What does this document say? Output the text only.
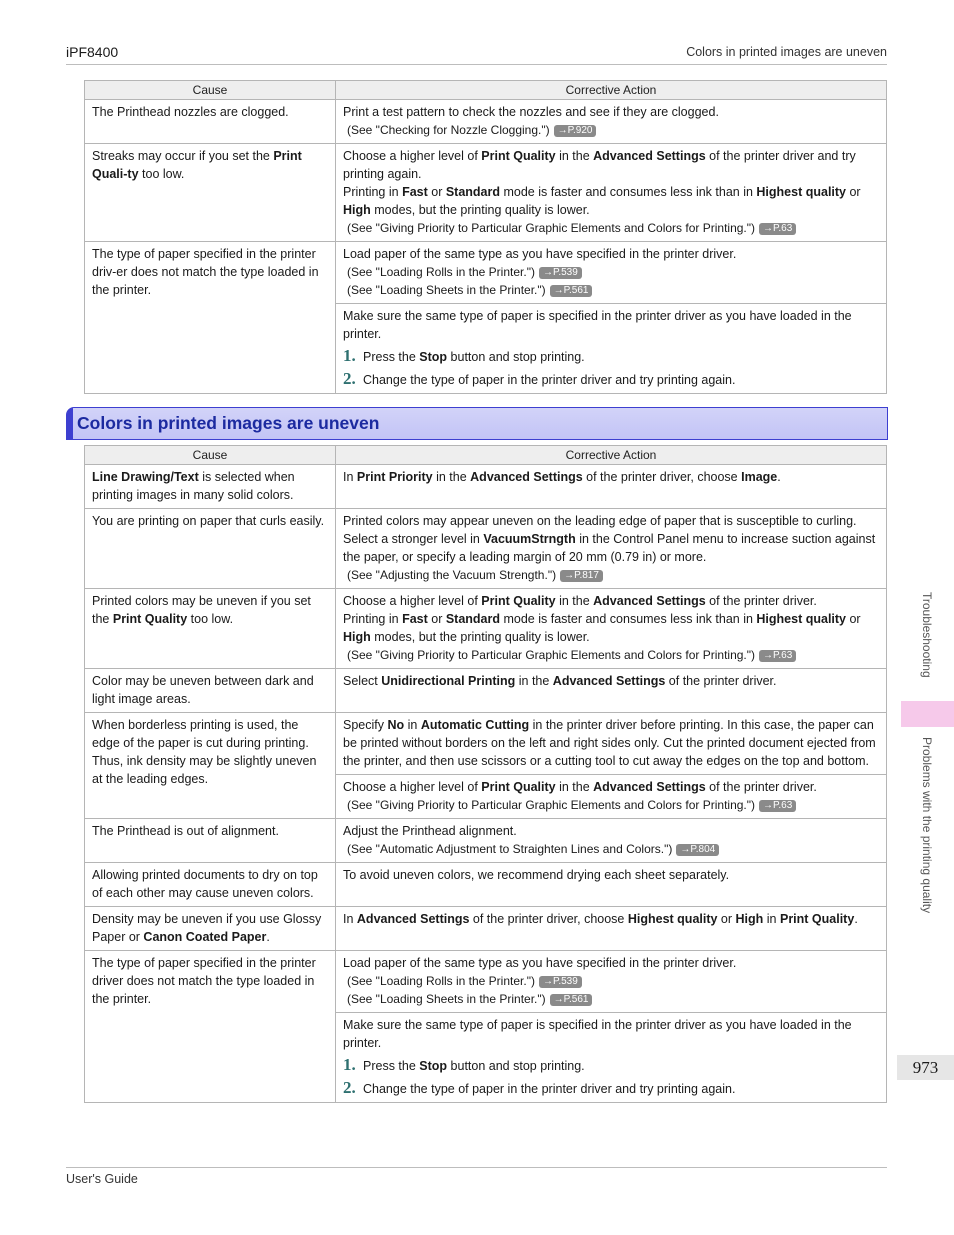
iPF8400	Colors in printed images are uneven
Cause	Corrective Action
The Printhead nozzles are clogged.	Print a test pattern to check the nozzles and see if they are clogged.
(See "Checking for Nozzle Clogging.") →P.920

Streaks may occur if you set the Print Quali-ty too low.	Choose a higher level of Print Quality in the Advanced Settings of the printer driver and try printing again.
Printing in Fast or Standard mode is faster and consumes less ink than in Highest quality or High modes, but the printing quality is lower.
(See "Giving Priority to Particular Graphic Elements and Colors for Printing.") →P.63

The type of paper specified in the printer driv-er does not match the type loaded in the printer.	Load paper of the same type as you have specified in the printer driver.
(See "Loading Rolls in the Printer.") →P.539
(See "Loading Sheets in the Printer.") →P.561

	Make sure the same type of paper is specified in the printer driver as you have loaded in the printer.
1. Press the Stop button and stop printing.
2. Change the type of paper in the printer driver and try printing again.
Colors in printed images are uneven
Cause	Corrective Action
Line Drawing/Text is selected when printing images in many solid colors.	In Print Priority in the Advanced Settings of the printer driver, choose Image.
You are printing on paper that curls easily.	Printed colors may appear uneven on the leading edge of paper that is susceptible to curling. Select a stronger level in VacuumStrngth in the Control Panel menu to increase suction against the paper, or specify a leading margin of 20 mm (0.79 in) or more.
(See "Adjusting the Vacuum Strength.") →P.817

Printed colors may be uneven if you set the Print Quality too low.	Choose a higher level of Print Quality in the Advanced Settings of the printer driver.
Printing in Fast or Standard mode is faster and consumes less ink than in Highest quality or High modes, but the printing quality is lower.
(See "Giving Priority to Particular Graphic Elements and Colors for Printing.") →P.63

Color may be uneven between dark and light image areas.	Select Unidirectional Printing in the Advanced Settings of the printer driver.
When borderless printing is used, the edge of the paper is cut during printing. Thus, ink density may be slightly uneven at the leading edges.	Specify No in Automatic Cutting in the printer driver before printing. In this case, the paper can be printed without borders on the left and right sides only. Cut the printed document ejected from the printer, and then use scissors or a cutting tool to cut away the edges on the top and bottom.

	Choose a higher level of Print Quality in the Advanced Settings of the printer driver.
(See "Giving Priority to Particular Graphic Elements and Colors for Printing.") →P.63

The Printhead is out of alignment.	Adjust the Printhead alignment.
(See "Automatic Adjustment to Straighten Lines and Colors.") →P.804

Allowing printed documents to dry on top of each other may cause uneven colors.	To avoid uneven colors, we recommend drying each sheet separately.
Density may be uneven if you use Glossy Paper or Canon Coated Paper.	In Advanced Settings of the printer driver, choose Highest quality or High in Print Quality.
The type of paper specified in the printer driver does not match the type loaded in the printer.	Load paper of the same type as you have specified in the printer driver.
(See "Loading Rolls in the Printer.") →P.539
(See "Loading Sheets in the Printer.") →P.561

	Make sure the same type of paper is specified in the printer driver as you have loaded in the printer.
1. Press the Stop button and stop printing.
2. Change the type of paper in the printer driver and try printing again.
Troubleshooting
Problems with the printing quality
973
User's Guide
